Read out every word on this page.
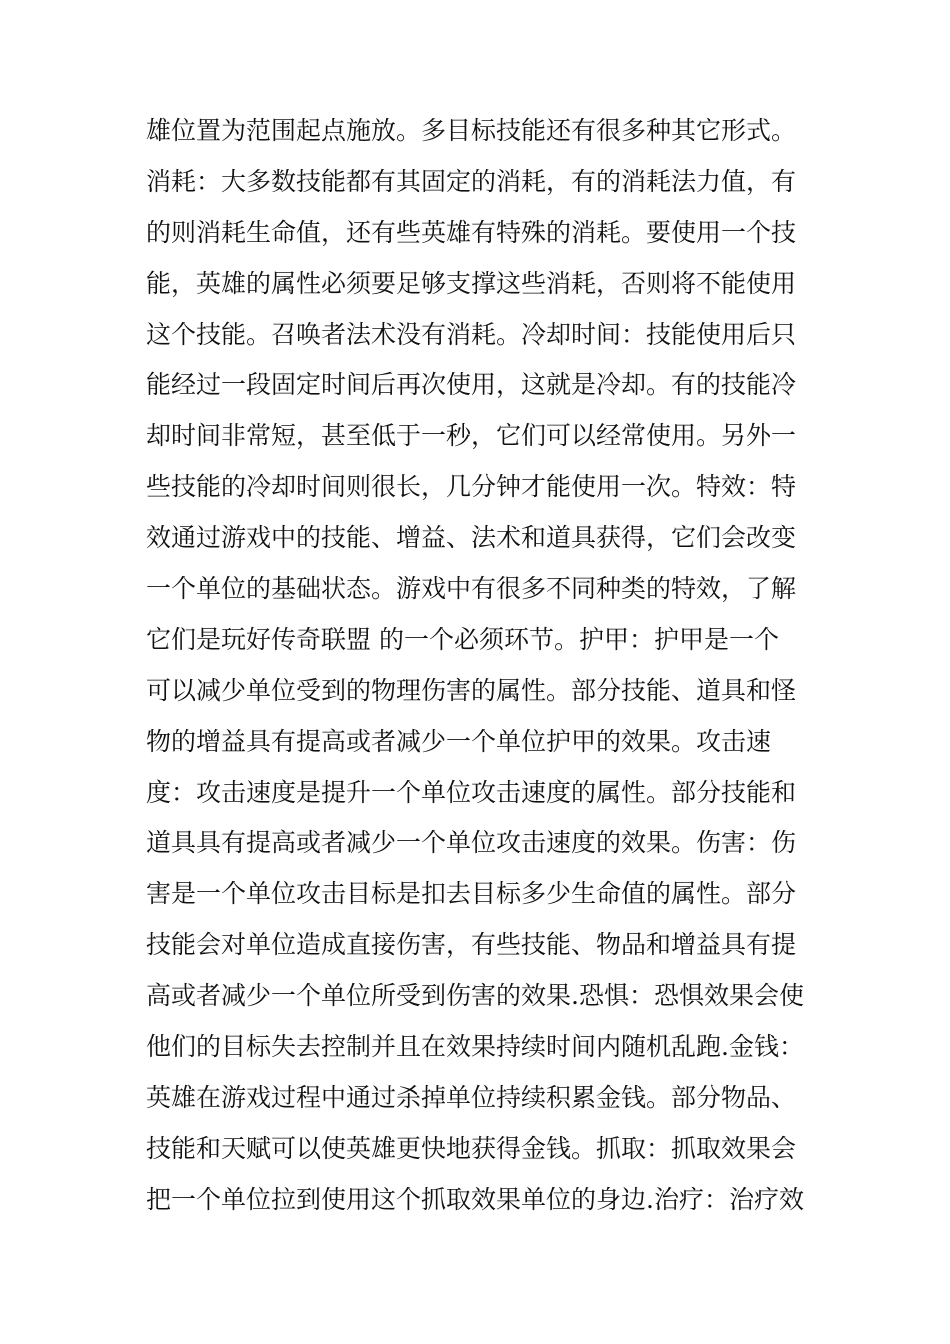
雄位置为范围起点施放。多目标技能还有很多种其它形式。
消耗：大多数技能都有其固定的消耗，有的消耗法力值，有
的则消耗生命值，还有些英雄有特殊的消耗。要使用一个技
能，英雄的属性必须要足够支撑这些消耗，否则将不能使用
这个技能。召唤者法术没有消耗。冷却时间：技能使用后只
能经过一段固定时间后再次使用，这就是冷却。有的技能冷
却时间非常短，甚至低于一秒，它们可以经常使用。另外一
些技能的冷却时间则很长，几分钟才能使用一次。特效：特
效通过游戏中的技能、增益、法术和道具获得，它们会改变
一个单位的基础状态。游戏中有很多不同种类的特效，了解
它们是玩好传奇联盟 的一个必须环节。护甲：护甲是一个
可以减少单位受到的物理伤害的属性。部分技能、道具和怪
物的增益具有提高或者减少一个单位护甲的效果。攻击速
度：攻击速度是提升一个单位攻击速度的属性。部分技能和
道具具有提高或者减少一个单位攻击速度的效果。伤害：伤
害是一个单位攻击目标是扣去目标多少生命值的属性。部分
技能会对单位造成直接伤害，有些技能、物品和增益具有提
高或者减少一个单位所受到伤害的效果.恐惧：恐惧效果会使
他们的目标失去控制并且在效果持续时间内随机乱跑.金钱：
英雄在游戏过程中通过杀掉单位持续积累金钱。部分物品、
技能和天赋可以使英雄更快地获得金钱。抓取：抓取效果会
把一个单位拉到使用这个抓取效果单位的身边.治疗：治疗效
